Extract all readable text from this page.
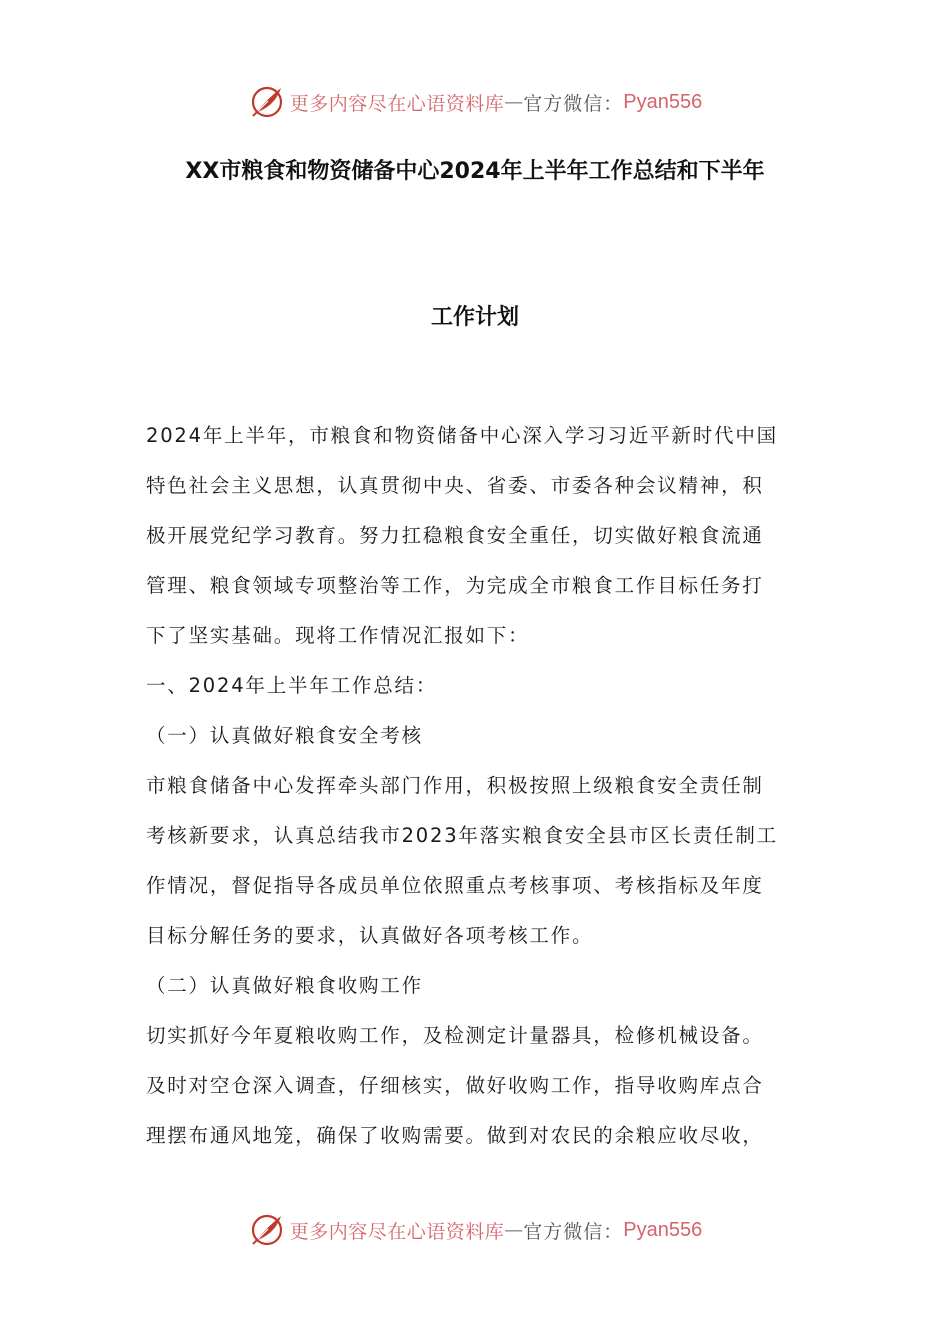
更多内容尽在心语资料库 — 官方微信： Pyan556
XX市粮食和物资储备中心2024年上半年工作总结和下半年
工作计划
2024年上半年，市粮食和物资储备中心深入学习习近平新时代中国
特色社会主义思想，认真贯彻中央、省委、市委各种会议精神，积
极开展党纪学习教育。努力扛稳粮食安全重任，切实做好粮食流通
管理、粮食领域专项整治等工作，为完成全市粮食工作目标任务打
下了坚实基础。现将工作情况汇报如下：
一、2024年上半年工作总结：
（一）认真做好粮食安全考核
市粮食储备中心发挥牵头部门作用，积极按照上级粮食安全责任制
考核新要求，认真总结我市2023年落实粮食安全县市区长责任制工
作情况，督促指导各成员单位依照重点考核事项、考核指标及年度
目标分解任务的要求，认真做好各项考核工作。
（二）认真做好粮食收购工作
切实抓好今年夏粮收购工作，及检测定计量器具，检修机械设备。
及时对空仓深入调查，仔细核实，做好收购工作，指导收购库点合
理摆布通风地笼，确保了收购需要。做到对农民的余粮应收尽收，
更多内容尽在心语资料库 — 官方微信： Pyan556
